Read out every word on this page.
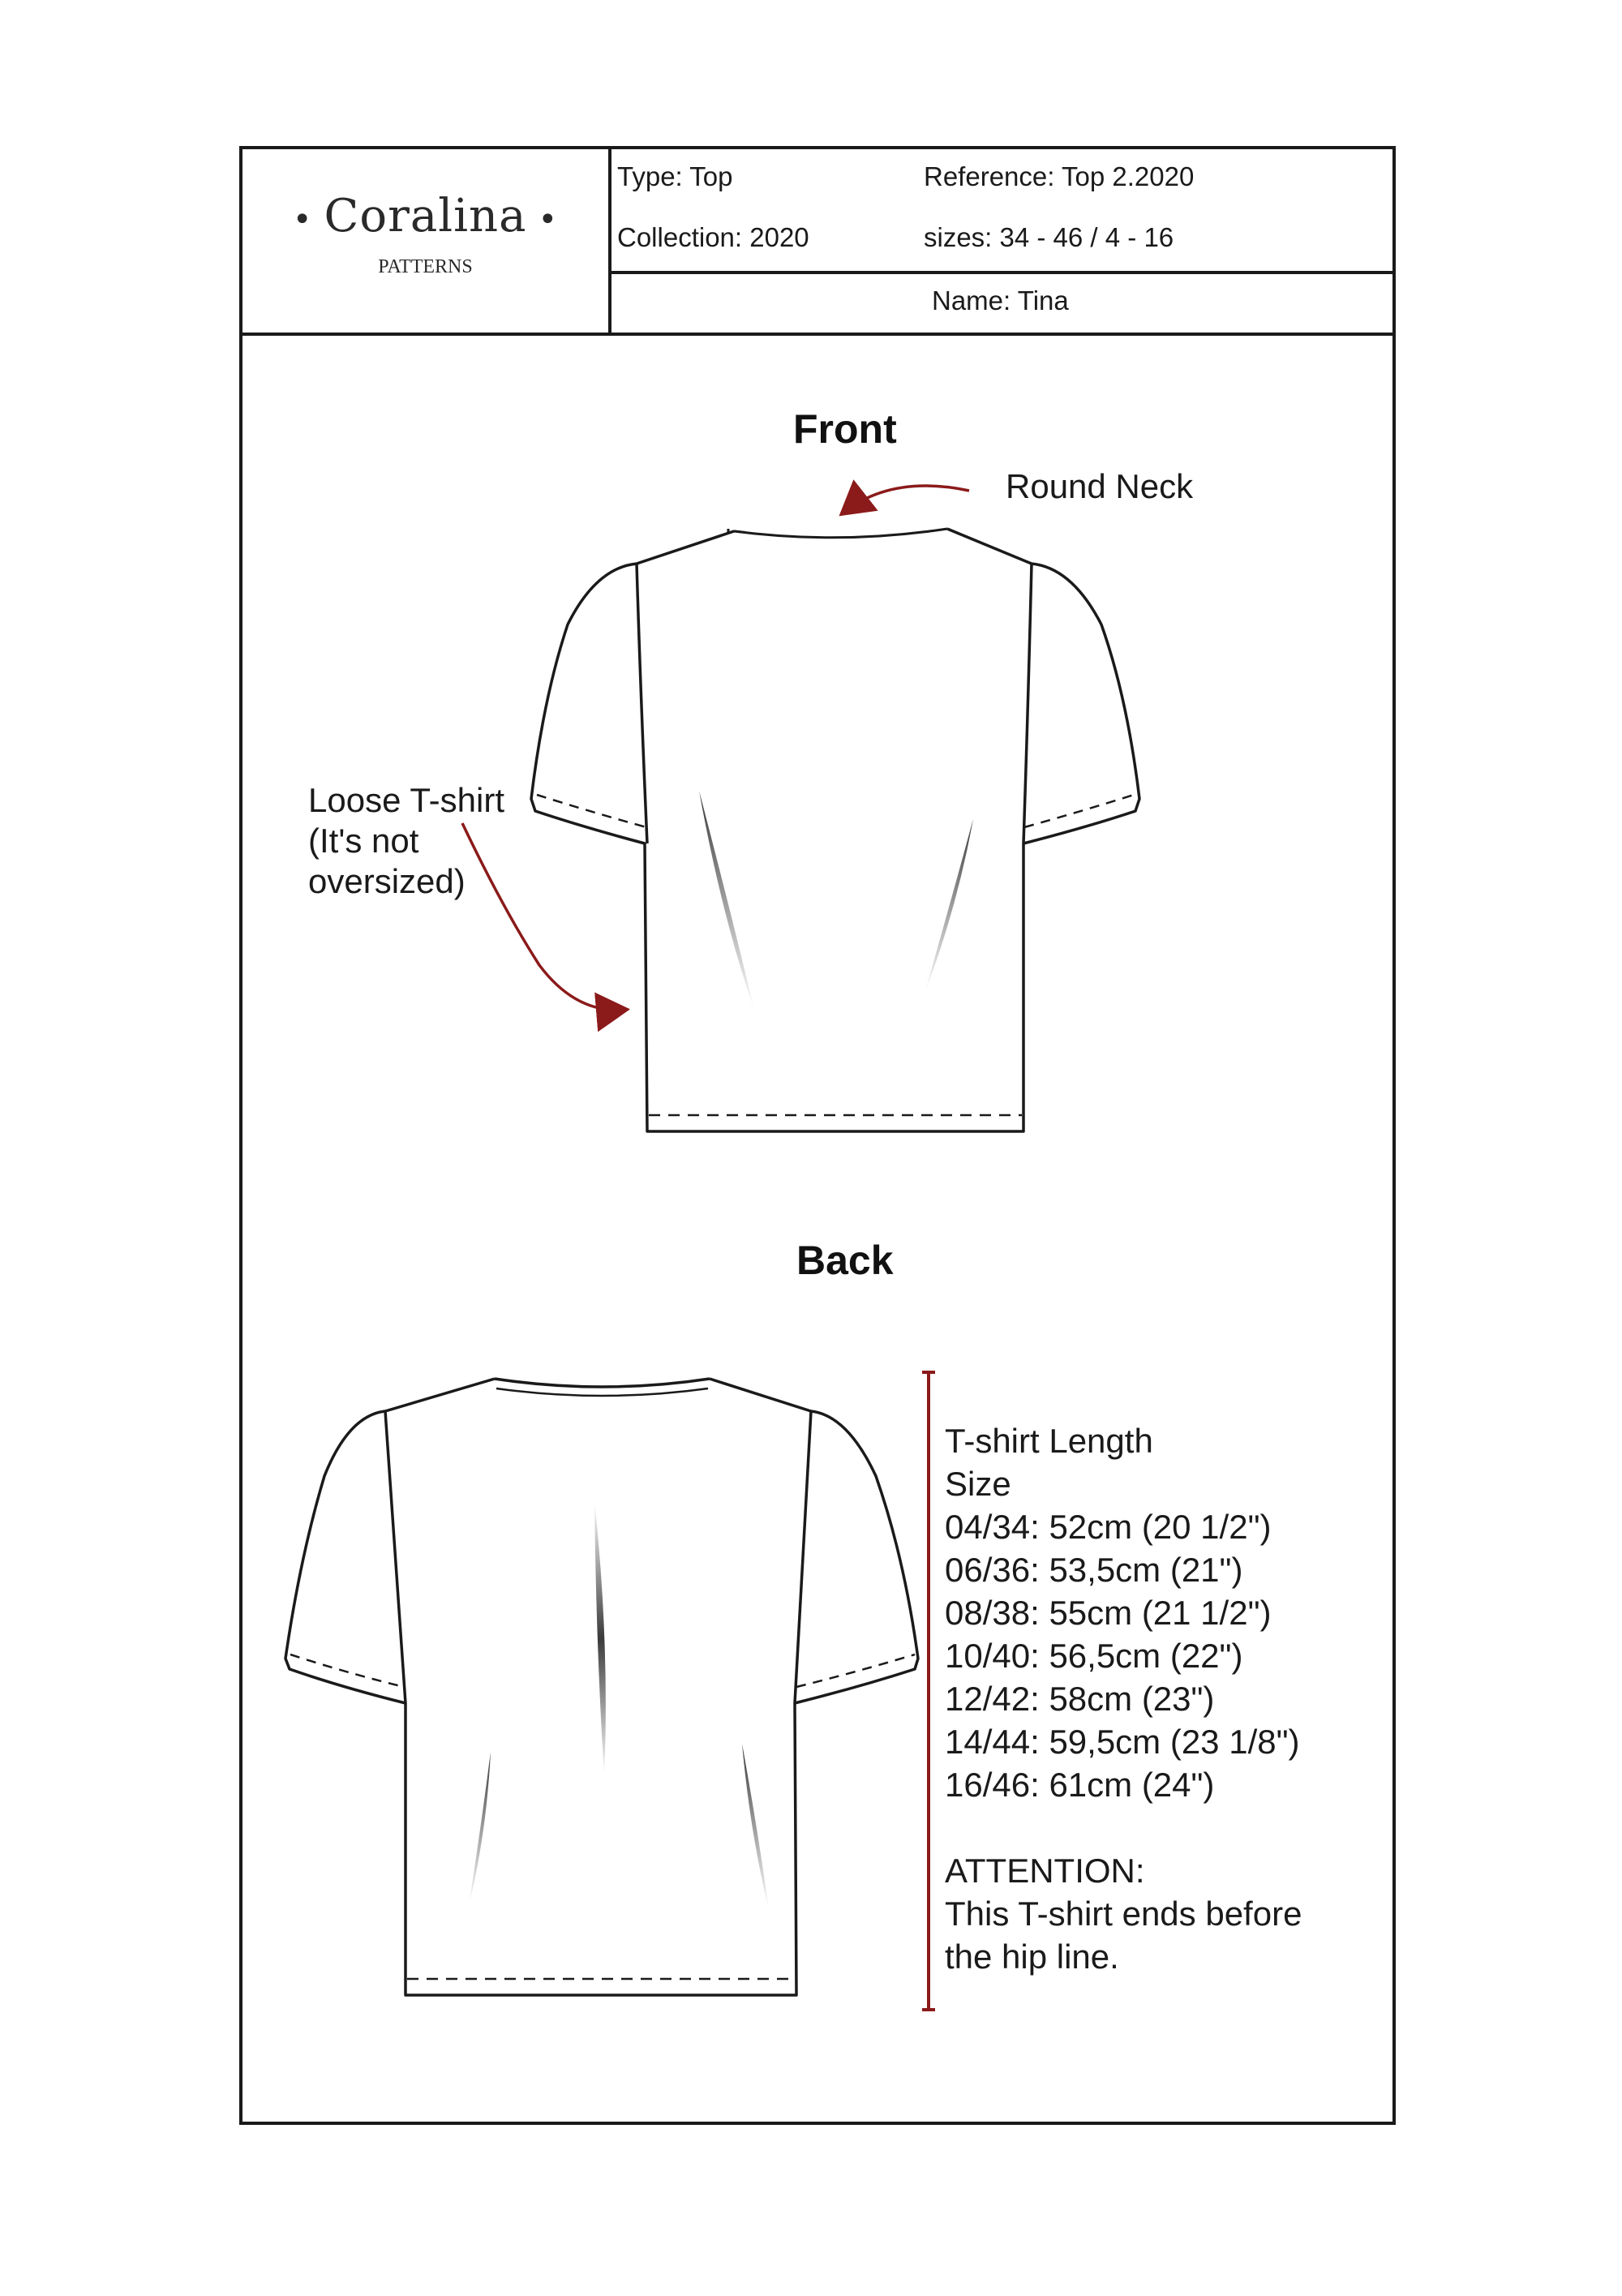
• Coralina •
PATTERNS
Type: Top	Reference: Top 2.2020
Collection: 2020	sizes: 34 - 46 / 4 - 16
Name: Tina
Front
Back
Round Neck
Loose T-shirt
(It's not
oversized)
T-shirt Length
Size
04/34: 52cm (20 1/2")
06/36: 53,5cm (21")
08/38: 55cm (21 1/2")
10/40: 56,5cm (22")
12/42: 58cm (23")
14/44: 59,5cm (23 1/8")
16/46: 61cm (24")
ATTENTION:
This T-shirt ends before
the hip line.
